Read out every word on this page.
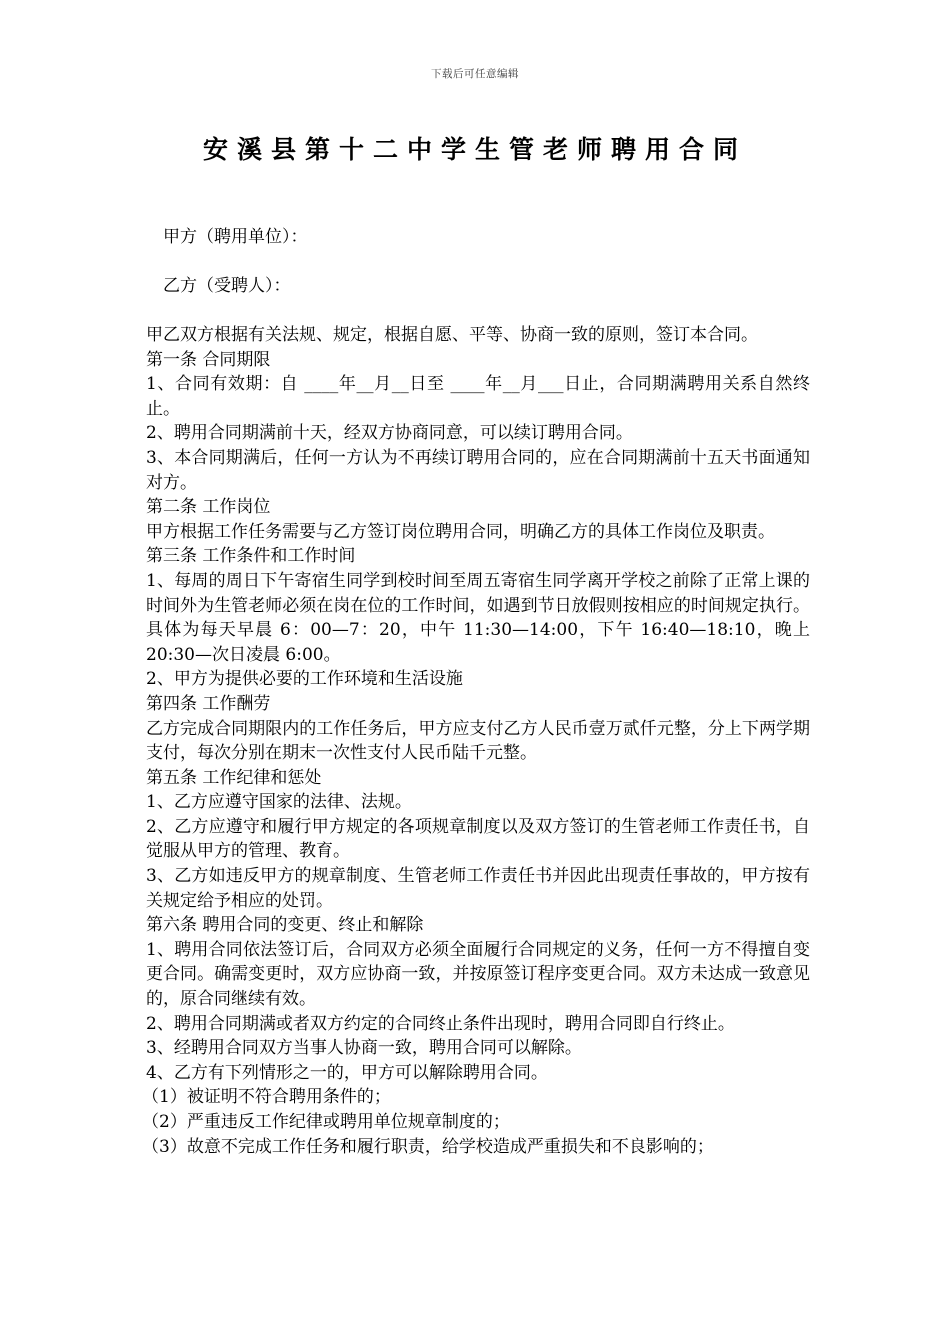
下载后可任意编辑
安溪县第十二中学生管老师聘用合同
甲方（聘用单位）：
乙方（受聘人）：

甲乙双方根据有关法规、规定，根据自愿、平等、协商一致的原则，签订本合同。

第一条 合同期限

1、合同有效期：自 ____年__月__日至 ____年__月___日止，合同期满聘用关系自然终止。

2、聘用合同期满前十天，经双方协商同意，可以续订聘用合同。

3、本合同期满后，任何一方认为不再续订聘用合同的，应在合同期满前十五天书面通知对方。

第二条 工作岗位

甲方根据工作任务需要与乙方签订岗位聘用合同，明确乙方的具体工作岗位及职责。

第三条 工作条件和工作时间

1、每周的周日下午寄宿生同学到校时间至周五寄宿生同学离开学校之前除了正常上课的时间外为生管老师必须在岗在位的工作时间，如遇到节日放假则按相应的时间规定执行。具体为每天早晨 6：00—7：20，中午 11:30—14:00，下午 16:40—18:10，晚上 20:30—次日凌晨 6:00。

2、甲方为提供必要的工作环境和生活设施

第四条 工作酬劳

乙方完成合同期限内的工作任务后，甲方应支付乙方人民币壹万贰仟元整，分上下两学期支付，每次分别在期末一次性支付人民币陆千元整。

第五条 工作纪律和惩处

1、乙方应遵守国家的法律、法规。

2、乙方应遵守和履行甲方规定的各项规章制度以及双方签订的生管老师工作责任书，自觉服从甲方的管理、教育。

3、乙方如违反甲方的规章制度、生管老师工作责任书并因此出现责任事故的，甲方按有关规定给予相应的处罚。

第六条 聘用合同的变更、终止和解除

1、聘用合同依法签订后，合同双方必须全面履行合同规定的义务，任何一方不得擅自变更合同。确需变更时，双方应协商一致，并按原签订程序变更合同。双方未达成一致意见的，原合同继续有效。

2、聘用合同期满或者双方约定的合同终止条件出现时，聘用合同即自行终止。

3、经聘用合同双方当事人协商一致，聘用合同可以解除。

4、乙方有下列情形之一的，甲方可以解除聘用合同。

（1）被证明不符合聘用条件的；

（2）严重违反工作纪律或聘用单位规章制度的；

（3）故意不完成工作任务和履行职责，给学校造成严重损失和不良影响的；
